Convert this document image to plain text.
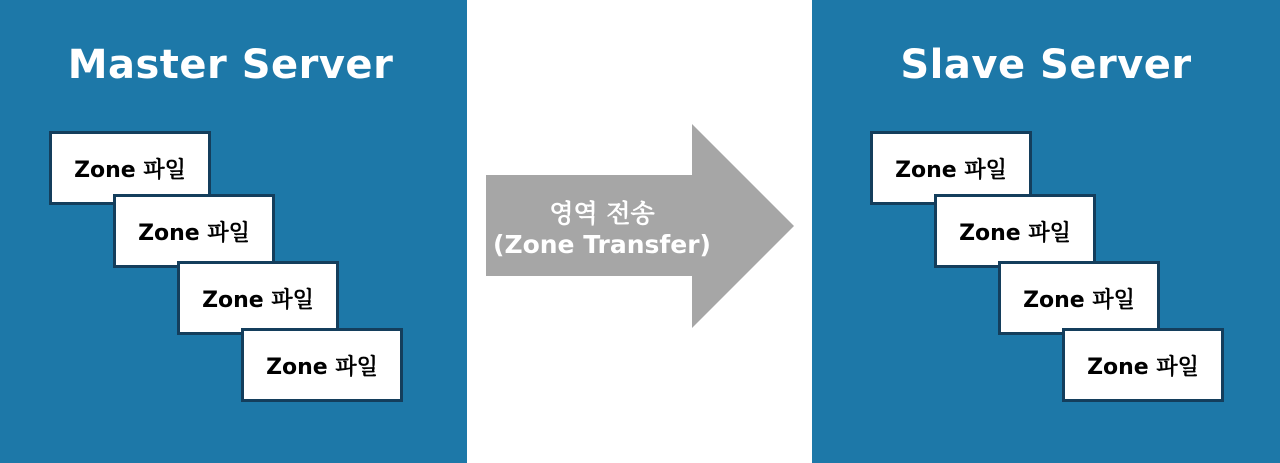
Master Server
Zone 파일
Zone 파일
Zone 파일
Zone 파일
영역 전송
(Zone Transfer)
Slave Server
Zone 파일
Zone 파일
Zone 파일
Zone 파일
